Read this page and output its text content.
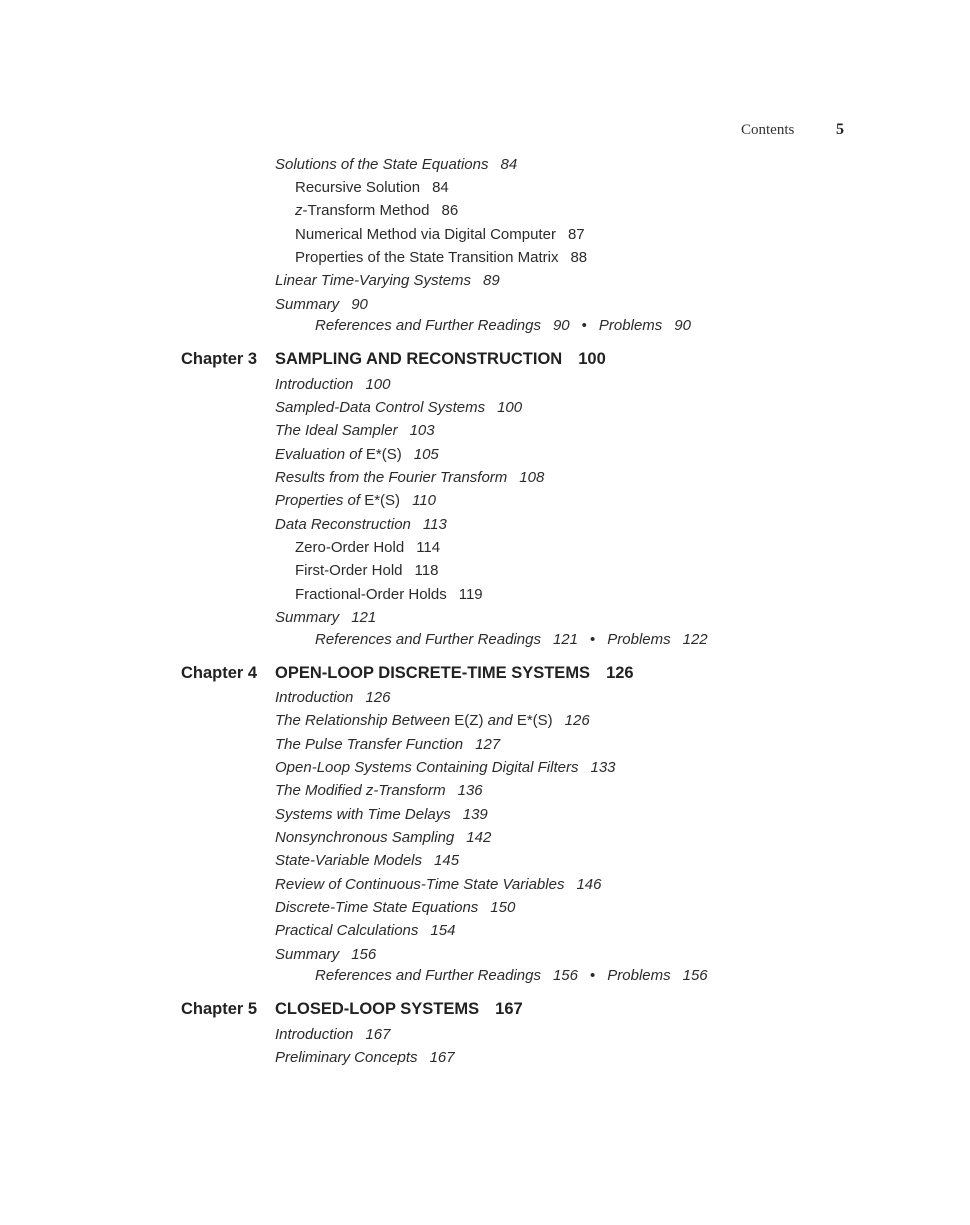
Contents	5
Solutions of the State Equations 84
Recursive Solution 84
z-Transform Method 86
Numerical Method via Digital Computer 87
Properties of the State Transition Matrix 88
Linear Time-Varying Systems 89
Summary 90
References and Further Readings 90 • Problems 90
Chapter 3 SAMPLING AND RECONSTRUCTION 100
Introduction 100
Sampled-Data Control Systems 100
The Ideal Sampler 103
Evaluation of E*(S) 105
Results from the Fourier Transform 108
Properties of E*(S) 110
Data Reconstruction 113
Zero-Order Hold 114
First-Order Hold 118
Fractional-Order Holds 119
Summary 121
References and Further Readings 121 • Problems 122
Chapter 4 OPEN-LOOP DISCRETE-TIME SYSTEMS 126
Introduction 126
The Relationship Between E(Z) and E*(S) 126
The Pulse Transfer Function 127
Open-Loop Systems Containing Digital Filters 133
The Modified z-Transform 136
Systems with Time Delays 139
Nonsynchronous Sampling 142
State-Variable Models 145
Review of Continuous-Time State Variables 146
Discrete-Time State Equations 150
Practical Calculations 154
Summary 156
References and Further Readings 156 • Problems 156
Chapter 5 CLOSED-LOOP SYSTEMS 167
Introduction 167
Preliminary Concepts 167
